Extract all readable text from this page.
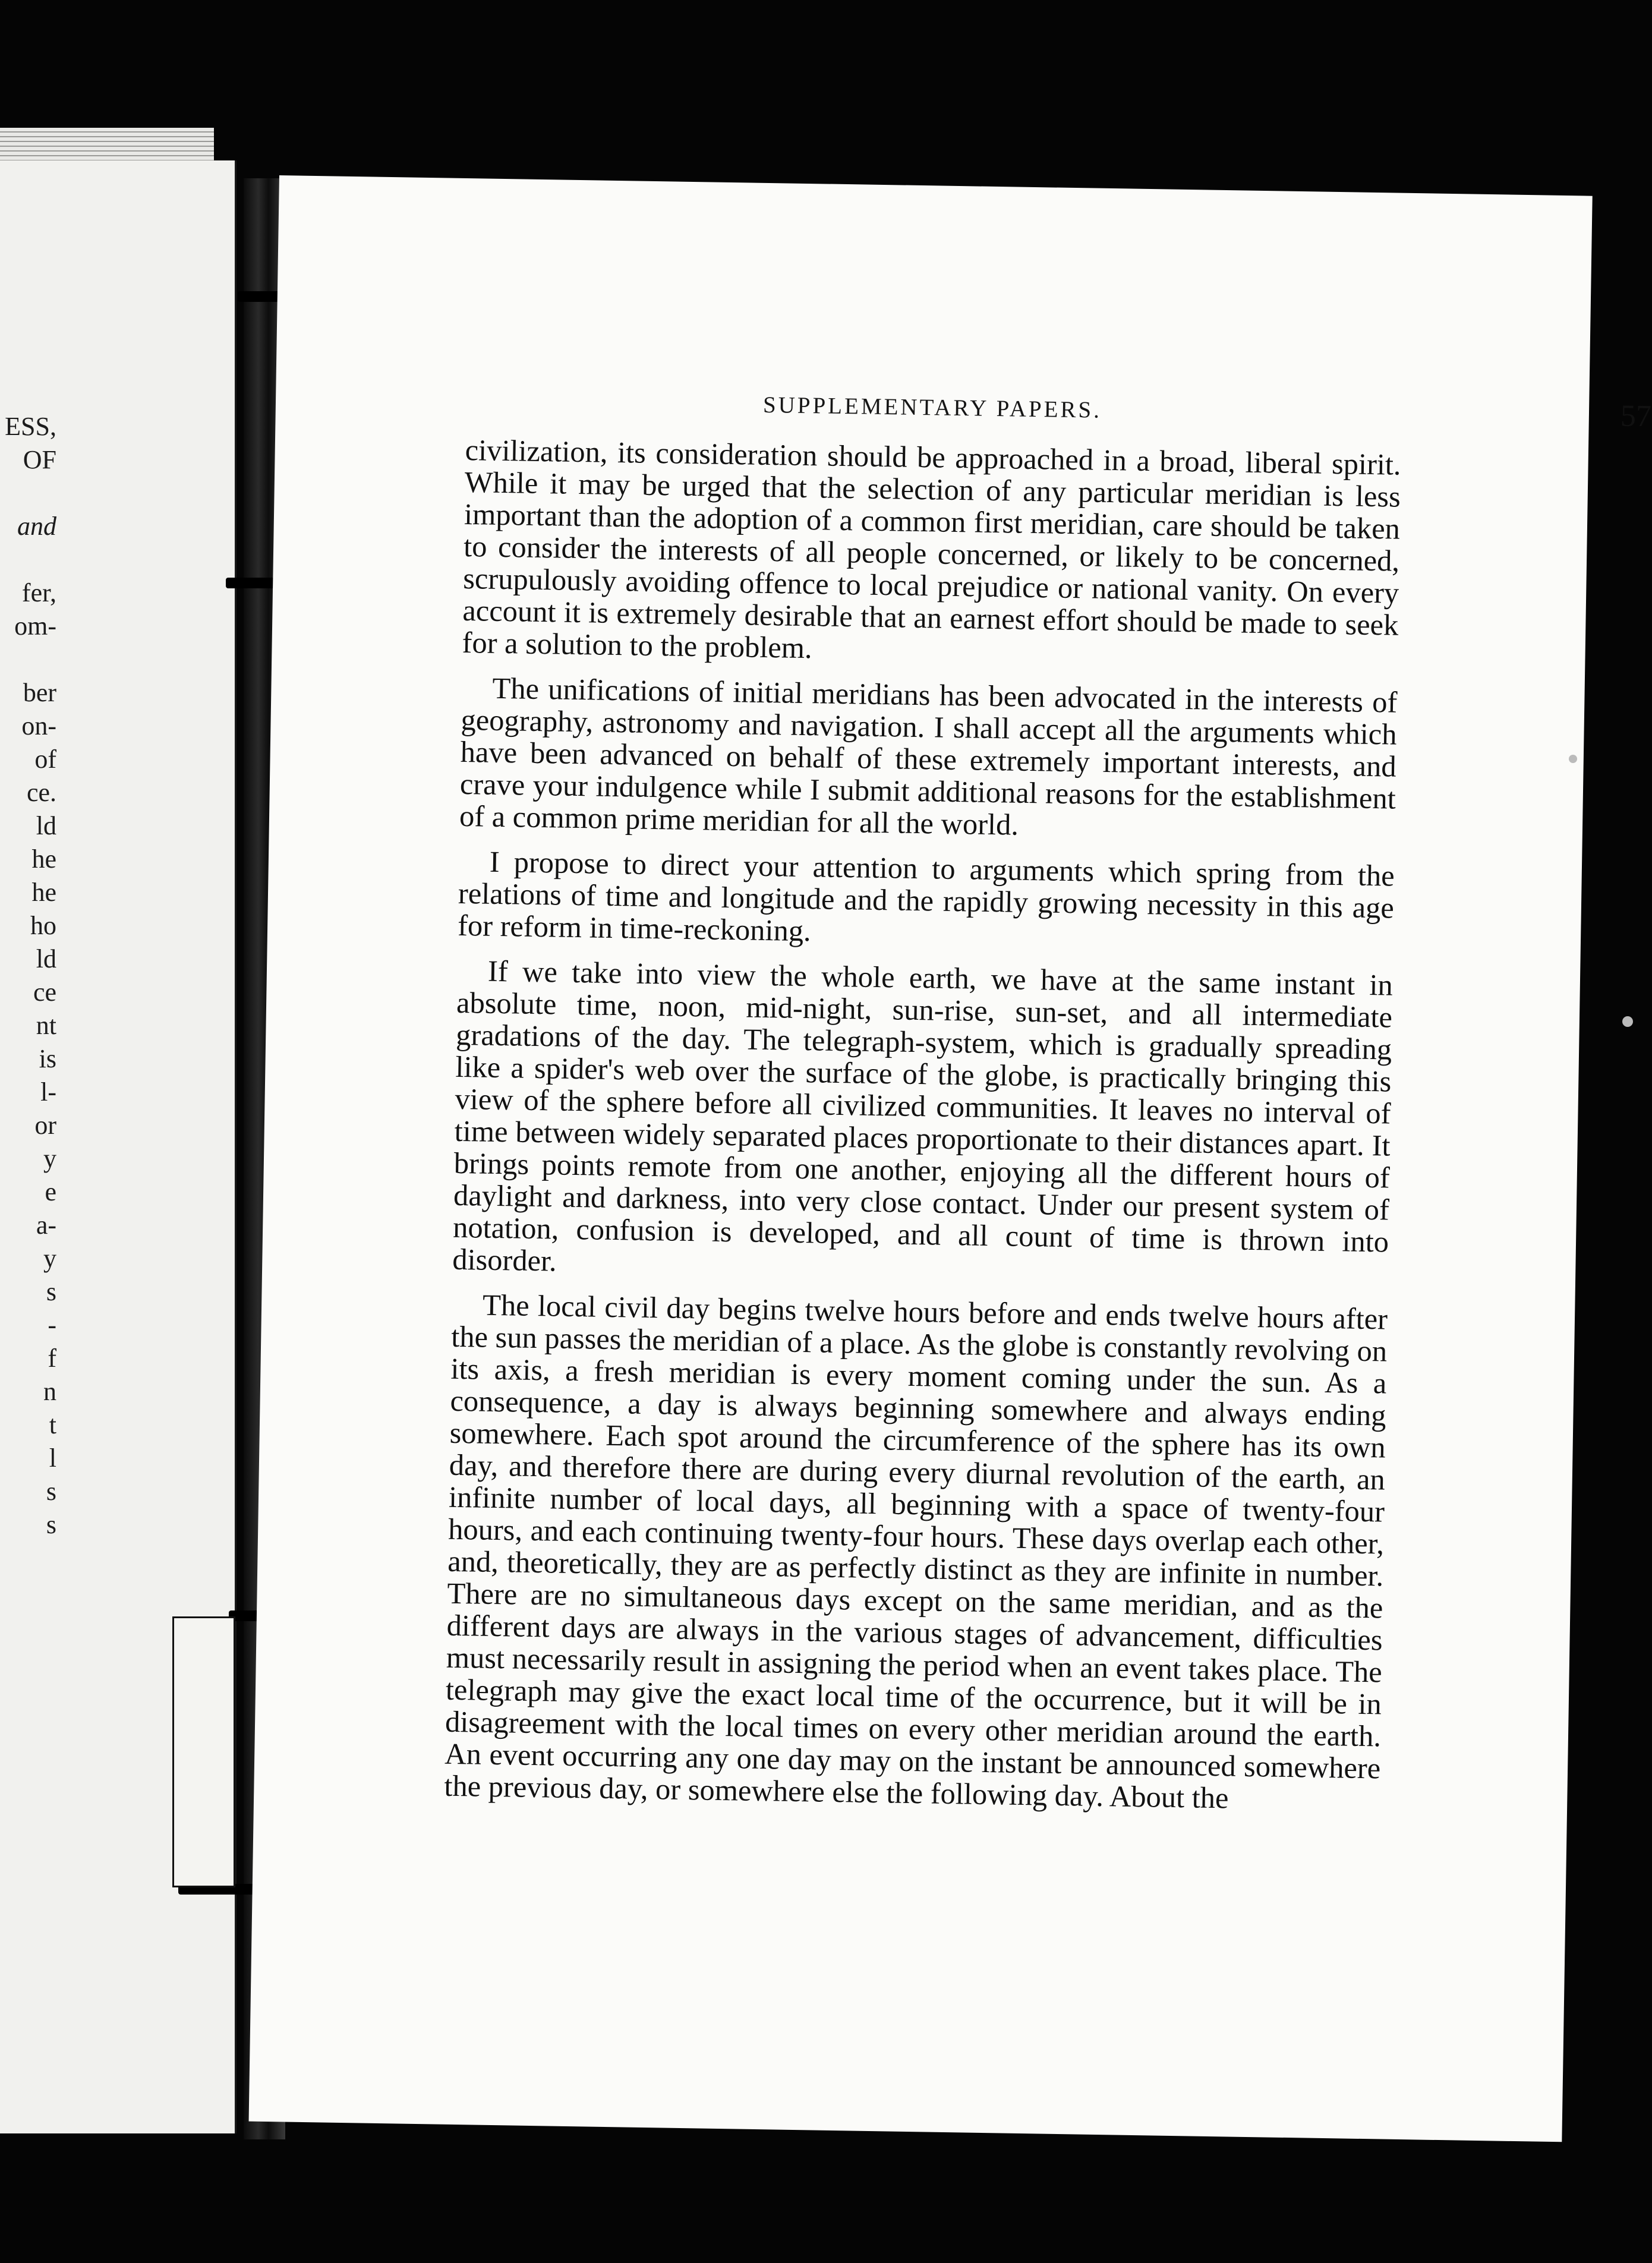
ESS,
OF
and
fer,
om-
ber
on-
of
ce.
ld
he
he
ho
ld
ce
nt
is
l-
or
y
e
a-
y
s
-
f
n
t
l
s
s
SUPPLEMENTARY PAPERS.	57

civilization, its consideration should be approached in a broad, liberal spirit. While it may be urged that the selection of any particular meridian is less important than the adoption of a common first meridian, care should be taken to consider the interests of all people concerned, or likely to be concerned, scrupulously avoiding offence to local prejudice or national vanity. On every account it is extremely desirable that an earnest effort should be made to seek for a solution to the problem.

The unifications of initial meridians has been advocated in the interests of geography, astronomy and navigation. I shall accept all the arguments which have been advanced on behalf of these extremely important interests, and crave your indulgence while I submit additional reasons for the establishment of a common prime meridian for all the world.

I propose to direct your attention to arguments which spring from the relations of time and longitude and the rapidly growing necessity in this age for reform in time-reckoning.

If we take into view the whole earth, we have at the same instant in absolute time, noon, mid-night, sun-rise, sun-set, and all intermediate gradations of the day. The telegraph-system, which is gradually spreading like a spider's web over the surface of the globe, is practically bringing this view of the sphere before all civilized communities. It leaves no interval of time between widely separated places proportionate to their distances apart. It brings points remote from one another, enjoying all the different hours of daylight and darkness, into very close contact. Under our present system of notation, confusion is developed, and all count of time is thrown into disorder.

The local civil day begins twelve hours before and ends twelve hours after the sun passes the meridian of a place. As the globe is constantly revolving on its axis, a fresh meridian is every moment coming under the sun. As a consequence, a day is always beginning somewhere and always ending somewhere. Each spot around the circumference of the sphere has its own day, and therefore there are during every diurnal revolution of the earth, an infinite number of local days, all beginning with a space of twenty-four hours, and each continuing twenty-four hours. These days overlap each other, and, theoretically, they are as perfectly distinct as they are infinite in number. There are no simultaneous days except on the same meridian, and as the different days are always in the various stages of advancement, difficulties must necessarily result in assigning the period when an event takes place. The telegraph may give the exact local time of the occurrence, but it will be in disagreement with the local times on every other meridian around the earth. An event occurring any one day may on the instant be announced somewhere the previous day, or somewhere else the following day. About the
